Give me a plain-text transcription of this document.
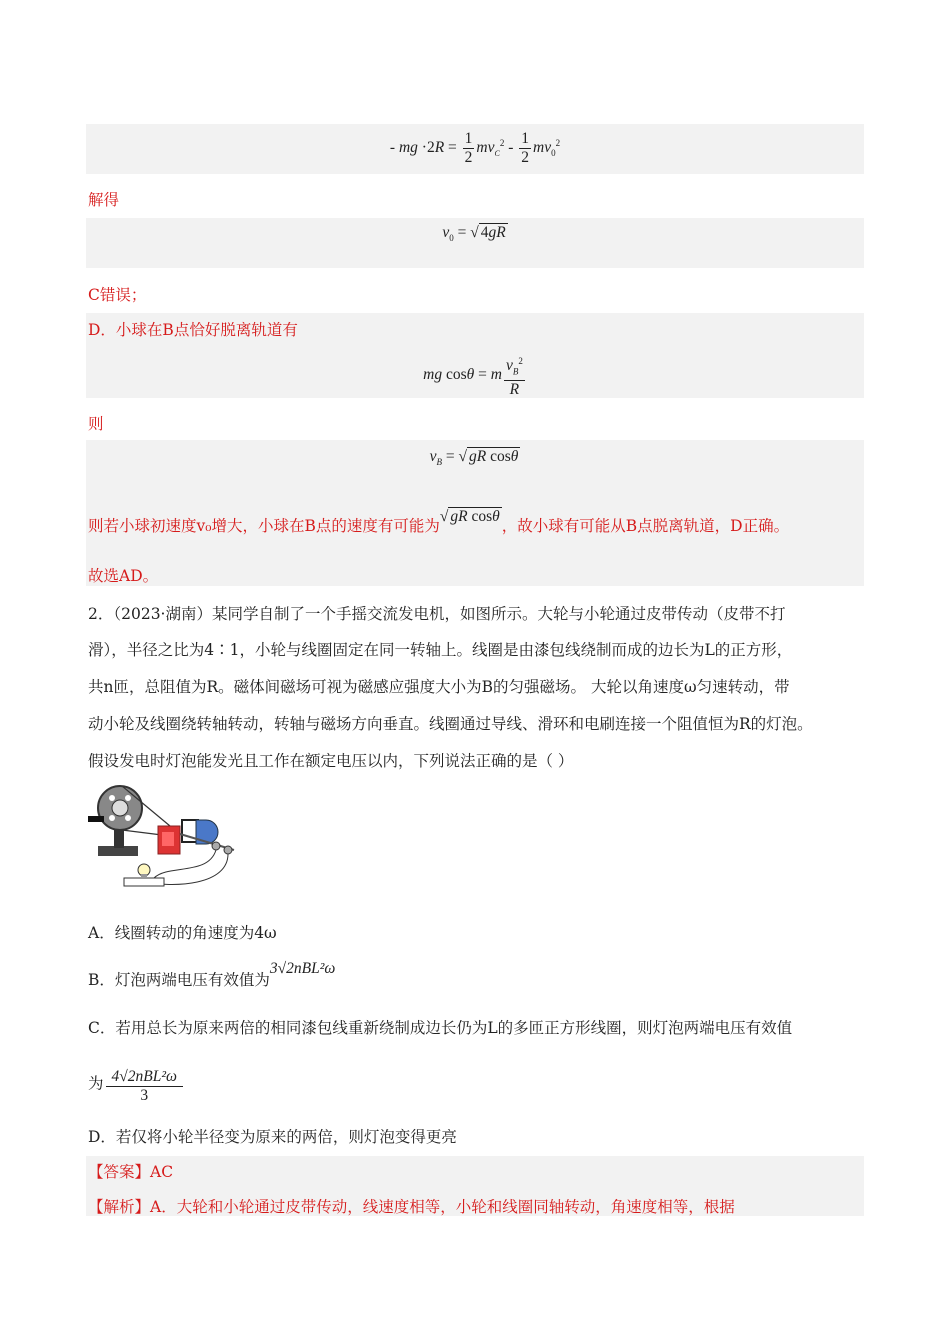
- mg $\cdot 2R = \frac{1}{2} mv_C^2 - \frac{1}{2} mv_0^2$
解得
$v_0$ = √ 4gR
C错误；
D．小球在B点恰好脱离轨道有
mg cosθ = m $\frac{v_B^2}{R}$
则
$v_B$ = √ gR cosθ
则若小球初速度v₀增大，小球在B点的速度有可能为√ gR cosθ，故小球有可能从B点脱离轨道，D正确。
故选AD。
2．（2023·湖南）某同学自制了一个手摇交流发电机，如图所示。大轮与小轮通过皮带传动（皮带不打
滑），半径之比为4∶1，小轮与线圈固定在同一转轴上。线圈是由漆包线绕制而成的边长为L的正方形，
共n匝，总阻值为R。磁体间磁场可视为磁感应强度大小为B的匀强磁场。 大轮以角速度ω匀速转动，带
动小轮及线圈绕转轴转动，转轴与磁场方向垂直。线圈通过导线、滑环和电刷连接一个阻值恒为R的灯泡。
假设发电时灯泡能发光且工作在额定电压以内，下列说法正确的是（ ）
A．线圈转动的角速度为4ω
B．灯泡两端电压有效值为3√2nBL²ω
C．若用总长为原来两倍的相同漆包线重新绕制成边长仍为L的多匝正方形线圈，则灯泡两端电压有效值
为 $\frac{\text{4√2nBL²ω}}{3}$
D．若仅将小轮半径变为原来的两倍，则灯泡变得更亮
【答案】AC
【解析】A．大轮和小轮通过皮带传动，线速度相等，小轮和线圈同轴转动，角速度相等，根据
